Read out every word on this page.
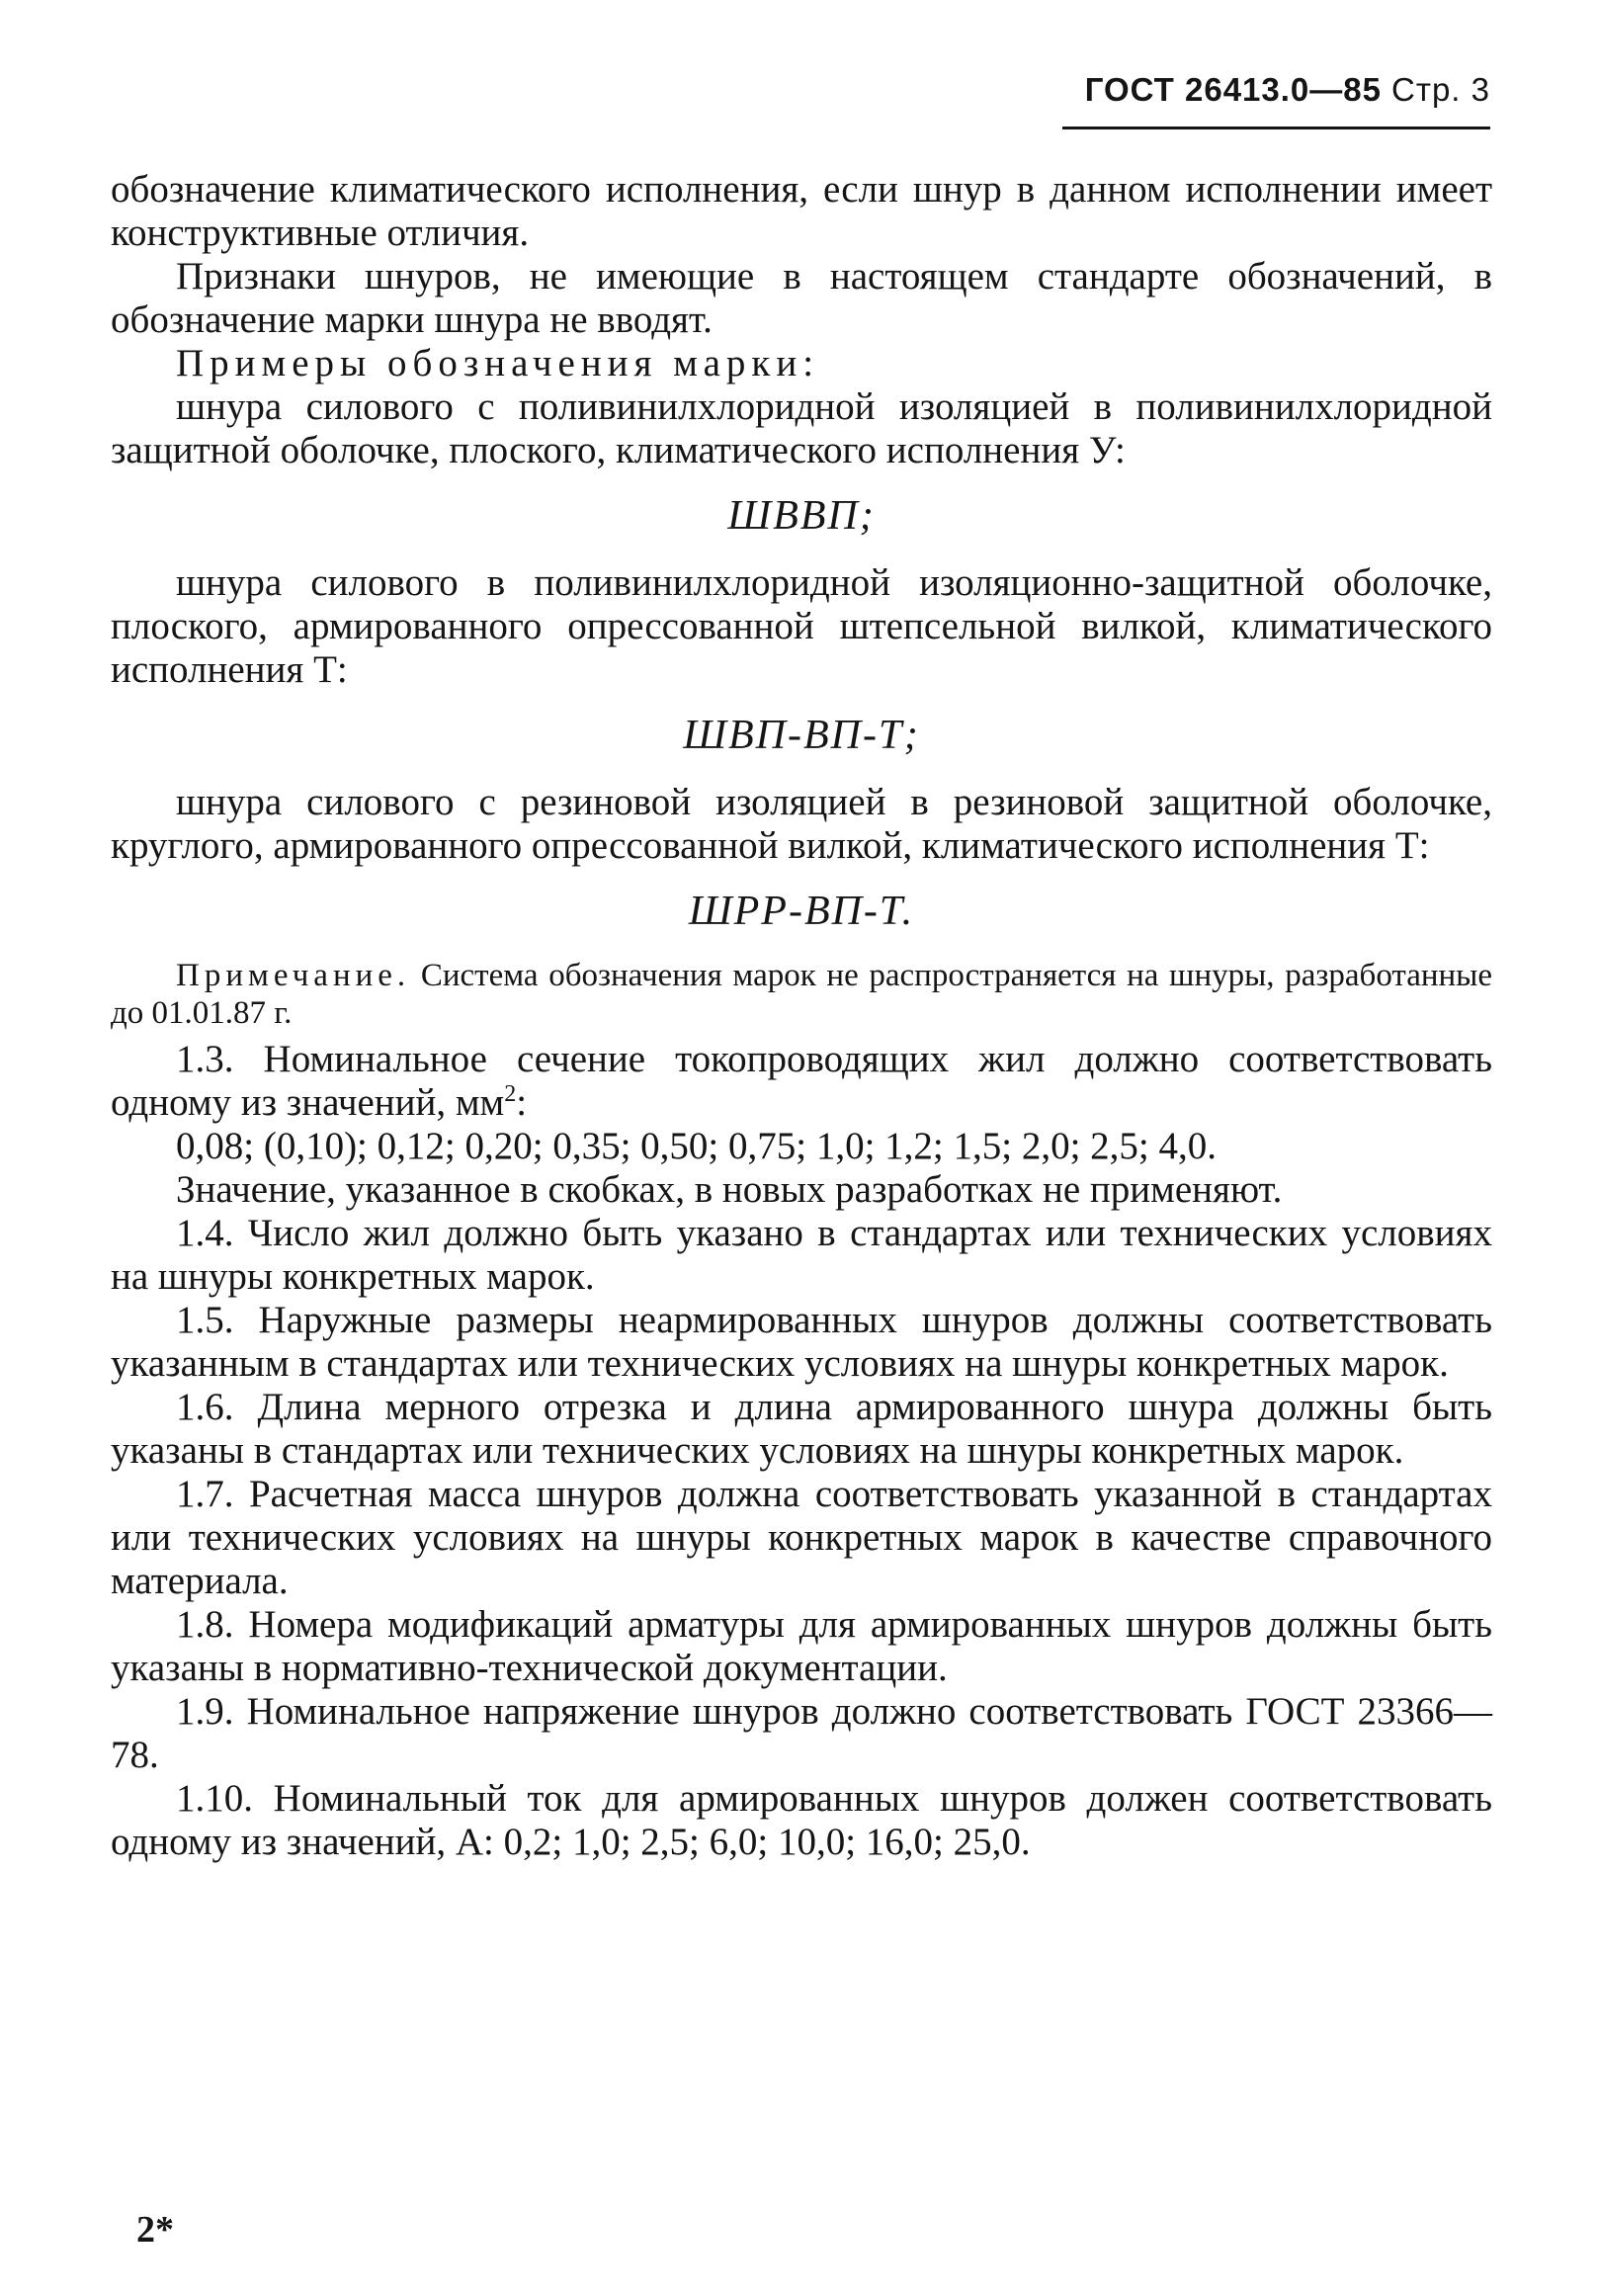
ГОСТ 26413.0—85 Стр. 3

обозначение климатического исполнения, если шнур в данном исполнении имеет конструктивные отличия.

Признаки шнуров, не имеющие в настоящем стандарте обозначений, в обозначение марки шнура не вводят.

Примеры обозначения марки:

шнура силового с поливинилхлоридной изоляцией в поливинилхлоридной защитной оболочке, плоского, климатического исполнения У:

ШВВП;

шнура силового в поливинилхлоридной изоляционно-защитной оболочке, плоского, армированного опрессованной штепсельной вилкой, климатического исполнения Т:

ШВП-ВП-Т;

шнура силового с резиновой изоляцией в резиновой защитной оболочке, круглого, армированного опрессованной вилкой, климатического исполнения Т:

ШРР-ВП-Т.

Примечание. Система обозначения марок не распространяется на шнуры, разработанные до 01.01.87 г.

1.3. Номинальное сечение токопроводящих жил должно соответствовать одному из значений, $мм^2$:

0,08; (0,10); 0,12; 0,20; 0,35; 0,50; 0,75; 1,0; 1,2; 1,5; 2,0; 2,5; 4,0.

Значение, указанное в скобках, в новых разработках не применяют.

1.4. Число жил должно быть указано в стандартах или технических условиях на шнуры конкретных марок.

1.5. Наружные размеры неармированных шнуров должны соответствовать указанным в стандартах или технических условиях на шнуры конкретных марок.

1.6. Длина мерного отрезка и длина армированного шнура должны быть указаны в стандартах или технических условиях на шнуры конкретных марок.

1.7. Расчетная масса шнуров должна соответствовать указанной в стандартах или технических условиях на шнуры конкретных марок в качестве справочного материала.

1.8. Номера модификаций арматуры для армированных шнуров должны быть указаны в нормативно-технической документации.

1.9. Номинальное напряжение шнуров должно соответствовать ГОСТ 23366—78.

1.10. Номинальный ток для армированных шнуров должен соответствовать одному из значений, А: 0,2; 1,0; 2,5; 6,0; 10,0; 16,0; 25,0.

2*
